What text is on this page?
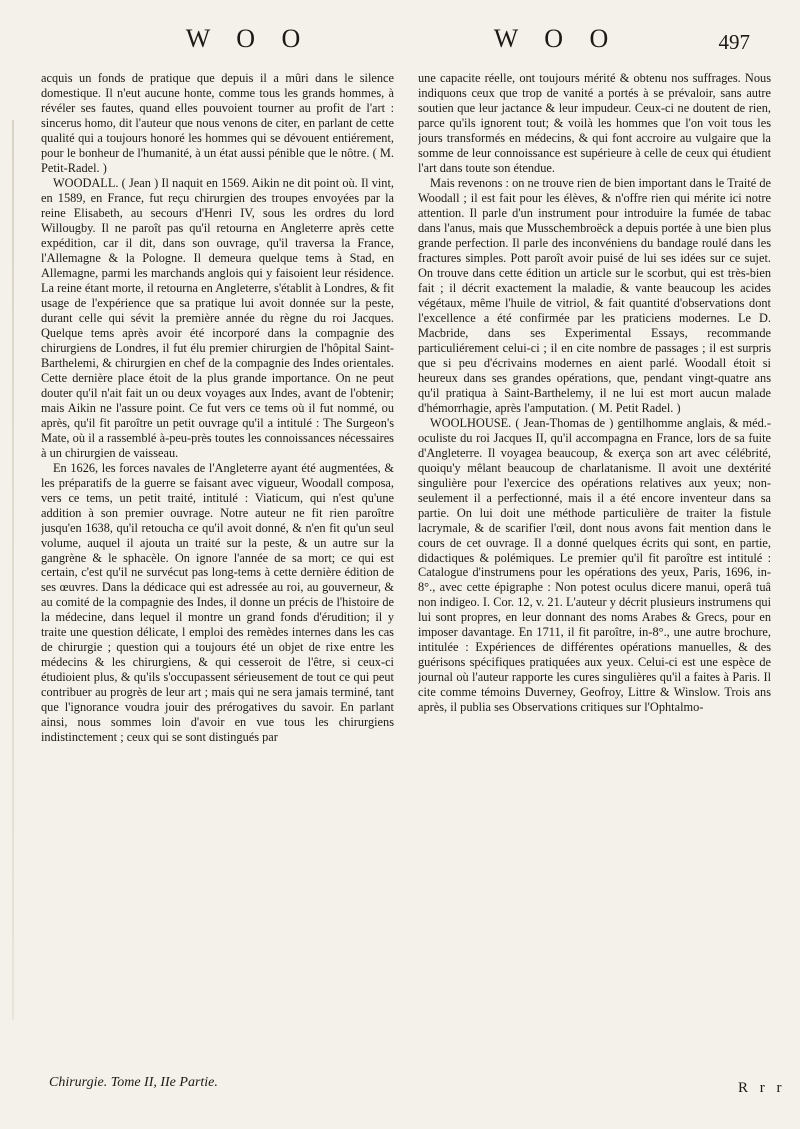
W O O	W O O	497

acquis un fonds de pratique que depuis il a mûri dans le silence domestique. Il n'eut aucune honte, comme tous les grands hommes, à révéler ses fautes, quand elles pouvoient tourner au profit de l'art : sincerus homo, dit l'auteur que nous venons de citer, en parlant de cette qualité qui a toujours honoré les hommes qui se dévouent entiérement, pour le bonheur de l'humanité, à un état aussi pénible que le nôtre. ( M. Petit-Radel. )

WOODALL. ( Jean ) Il naquit en 1569. Aikin ne dit point où. Il vint, en 1589, en France, fut reçu chirurgien des troupes envoyées par la reine Elisabeth, au secours d'Henri IV, sous les ordres du lord Willougby. Il ne paroît pas qu'il retourna en Angleterre après cette expédition, car il dit, dans son ouvrage, qu'il traversa la France, l'Allemagne & la Pologne. Il demeura quelque tems à Stad, en Allemagne, parmi les marchands anglois qui y faisoient leur résidence. La reine étant morte, il retourna en Angleterre, s'établit à Londres, & fit usage de l'expérience que sa pratique lui avoit donnée sur la peste, durant celle qui sévit la première année du règne du roi Jacques. Quelque tems après avoir été incorporé dans la compagnie des chirurgiens de Londres, il fut élu premier chirurgien de l'hôpital Saint-Barthelemi, & chirurgien en chef de la compagnie des Indes orientales. Cette dernière place étoit de la plus grande importance. On ne peut douter qu'il n'ait fait un ou deux voyages aux Indes, avant de l'obtenir; mais Aikin ne l'assure point. Ce fut vers ce tems où il fut nommé, ou après, qu'il fit paroître un petit ouvrage qu'il a intitulé : The Surgeon's Mate, où il a rassemblé à-peu-près toutes les connoissances nécessaires à un chirurgien de vaisseau.

En 1626, les forces navales de l'Angleterre ayant été augmentées, & les préparatifs de la guerre se faisant avec vigueur, Woodall composa, vers ce tems, un petit traité, intitulé : Viaticum, qui n'est qu'une addition à son premier ouvrage. Notre auteur ne fit rien paroître jusqu'en 1638, qu'il retoucha ce qu'il avoit donné, & n'en fit qu'un seul volume, auquel il ajouta un traité sur la peste, & un autre sur la gangrène & le sphacèle. On ignore l'année de sa mort; ce qui est certain, c'est qu'il ne survécut pas long-tems à cette dernière édition de ses œuvres. Dans la dédicace qui est adressée au roi, au gouverneur, & au comité de la compagnie des Indes, il donne un précis de l'histoire de la médecine, dans lequel il montre un grand fonds d'érudition; il y traite une question délicate, l emploi des remèdes internes dans les cas de chirurgie ; question qui a toujours été un objet de rixe entre les médecins & les chirurgiens, & qui cesseroit de l'être, si ceux-ci étudioient plus, & qu'ils s'occupassent sérieusement de tout ce qui peut contribuer au progrès de leur art ; mais qui ne sera jamais terminé, tant que l'ignorance voudra jouir des prérogatives du savoir. En parlant ainsi, nous sommes loin d'avoir en vue tous les chirurgiens indistinctement ; ceux qui se sont distingués par

une capacite réelle, ont toujours mérité & obtenu nos suffrages. Nous indiquons ceux que trop de vanité a portés à se prévaloir, sans autre soutien que leur jactance & leur impudeur. Ceux-ci ne doutent de rien, parce qu'ils ignorent tout; & voilà les hommes que l'on voit tous les jours transformés en médecins, & qui font accroire au vulgaire que la somme de leur connoissance est supérieure à celle de ceux qui étudient l'art dans toute son étendue.

Mais revenons : on ne trouve rien de bien important dans le Traité de Woodall ; il est fait pour les élèves, & n'offre rien qui mérite ici notre attention. Il parle d'un instrument pour introduire la fumée de tabac dans l'anus, mais que Musschembroëck a depuis portée à une bien plus grande perfection. Il parle des inconvéniens du bandage roulé dans les fractures simples. Pott paroît avoir puisé de lui ses idées sur ce sujet. On trouve dans cette édition un article sur le scorbut, qui est très-bien fait ; il décrit exactement la maladie, & vante beaucoup les acides végétaux, même l'huile de vitriol, & fait quantité d'observations dont l'excellence a été confirmée par les praticiens modernes. Le D. Macbride, dans ses Experimental Essays, recommande particuliérement celui-ci ; il en cite nombre de passages ; il est surpris que si peu d'écrivains modernes en aient parlé. Woodall étoit si heureux dans ses grandes opérations, que, pendant vingt-quatre ans qu'il pratiqua à Saint-Barthelemy, il ne lui est mort aucun malade d'hémorrhagie, après l'amputation. ( M. Petit Radel. )

WOOLHOUSE. ( Jean-Thomas de ) gentilhomme anglais, & méd.-oculiste du roi Jacques II, qu'il accompagna en France, lors de sa fuite d'Angleterre. Il voyagea beaucoup, & exerça son art avec célébrité, quoiqu'y mêlant beaucoup de charlatanisme. Il avoit une dextérité singulière pour l'exercice des opérations relatives aux yeux; non-seulement il a perfectionné, mais il a été encore inventeur dans sa partie. On lui doit une méthode particulière de traiter la fistule lacrymale, & de scarifier l'œil, dont nous avons fait mention dans le cours de cet ouvrage. Il a donné quelques écrits qui sont, en partie, didactiques & polémiques. Le premier qu'il fit paroître est intitulé : Catalogue d'instrumens pour les opérations des yeux, Paris, 1696, in-8°., avec cette épigraphe : Non potest oculus dicere manui, operâ tuâ non indigeo. I. Cor. 12, v. 21. L'auteur y décrit plusieurs instrumens qui lui sont propres, en leur donnant des noms Arabes & Grecs, pour en imposer davantage. En 1711, il fit paroître, in-8°., une autre brochure, intitulée : Expériences de différentes opérations manuelles, & des guérisons spécifiques pratiquées aux yeux. Celui-ci est une espèce de journal où l'auteur rapporte les cures singulières qu'il a faites à Paris. Il cite comme témoins Duverney, Geofroy, Littre & Winslow. Trois ans après, il publia ses Observations critiques sur l'Ophtalmo-

Chirurgie. Tome II, IIe Partie.	R r r
